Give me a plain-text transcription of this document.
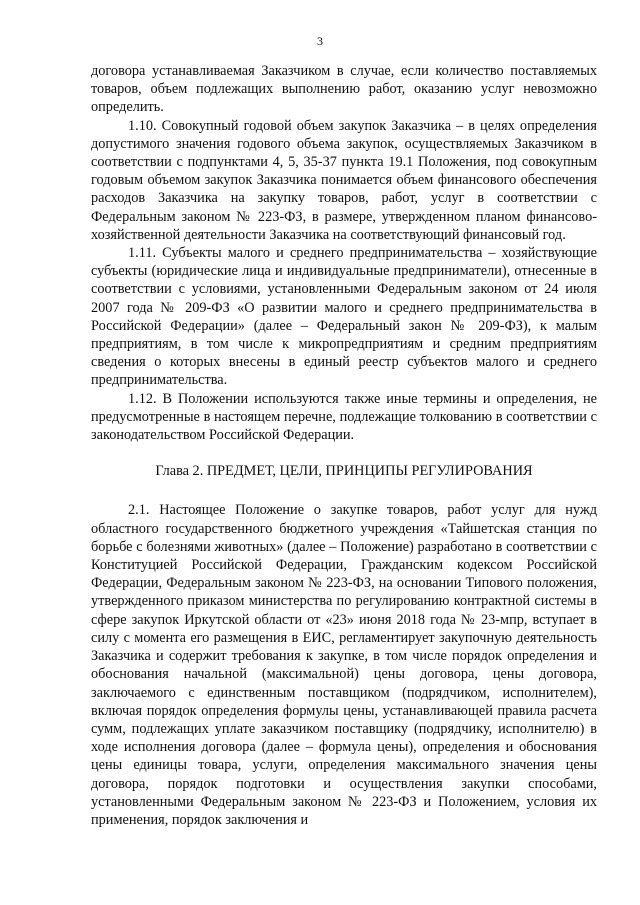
3

договора устанавливаемая Заказчиком в случае, если количество поставляемых товаров, объем подлежащих выполнению работ, оказанию услуг невозможно определить.

1.10. Совокупный годовой объем закупок Заказчика – в целях определения допустимого значения годового объема закупок, осуществляемых Заказчиком в соответствии с подпунктами 4, 5, 35-37 пункта 19.1 Положения, под совокупным годовым объемом закупок Заказчика понимается объем финансового обеспечения расходов Заказчика на закупку товаров, работ, услуг в соответствии с Федеральным законом № 223-ФЗ, в размере, утвержденном планом финансово-хозяйственной деятельности Заказчика на соответствующий финансовый год.

1.11. Субъекты малого и среднего предпринимательства – хозяйствующие субъекты (юридические лица и индивидуальные предприниматели), отнесенные в соответствии с условиями, установленными Федеральным законом от 24 июля 2007 года № 209-ФЗ «О развитии малого и среднего предпринимательства в Российской Федерации» (далее – Федеральный закон № 209-ФЗ), к малым предприятиям, в том числе к микропредприятиям и средним предприятиям сведения о которых внесены в единый реестр субъектов малого и среднего предпринимательства.

1.12. В Положении используются также иные термины и определения, не предусмотренные в настоящем перечне, подлежащие толкованию в соответствии с законодательством Российской Федерации.

Глава 2. ПРЕДМЕТ, ЦЕЛИ, ПРИНЦИПЫ РЕГУЛИРОВАНИЯ

2.1. Настоящее Положение о закупке товаров, работ услуг для нужд областного государственного бюджетного учреждения «Тайшетская станция по борьбе с болезнями животных» (далее – Положение) разработано в соответствии с Конституцией Российской Федерации, Гражданским кодексом Российской Федерации, Федеральным законом № 223-ФЗ, на основании Типового положения, утвержденного приказом министерства по регулированию контрактной системы в сфере закупок Иркутской области от «23» июня 2018 года № 23-мпр, вступает в силу с момента его размещения в ЕИС, регламентирует закупочную деятельность Заказчика и содержит требования к закупке, в том числе порядок определения и обоснования начальной (максимальной) цены договора, цены договора, заключаемого с единственным поставщиком (подрядчиком, исполнителем), включая порядок определения формулы цены, устанавливающей правила расчета сумм, подлежащих уплате заказчиком поставщику (подрядчику, исполнителю) в ходе исполнения договора (далее – формула цены), определения и обоснования цены единицы товара, услуги, определения максимального значения цены договора, порядок подготовки и осуществления закупки способами, установленными Федеральным законом № 223-ФЗ и Положением, условия их применения, порядок заключения и
